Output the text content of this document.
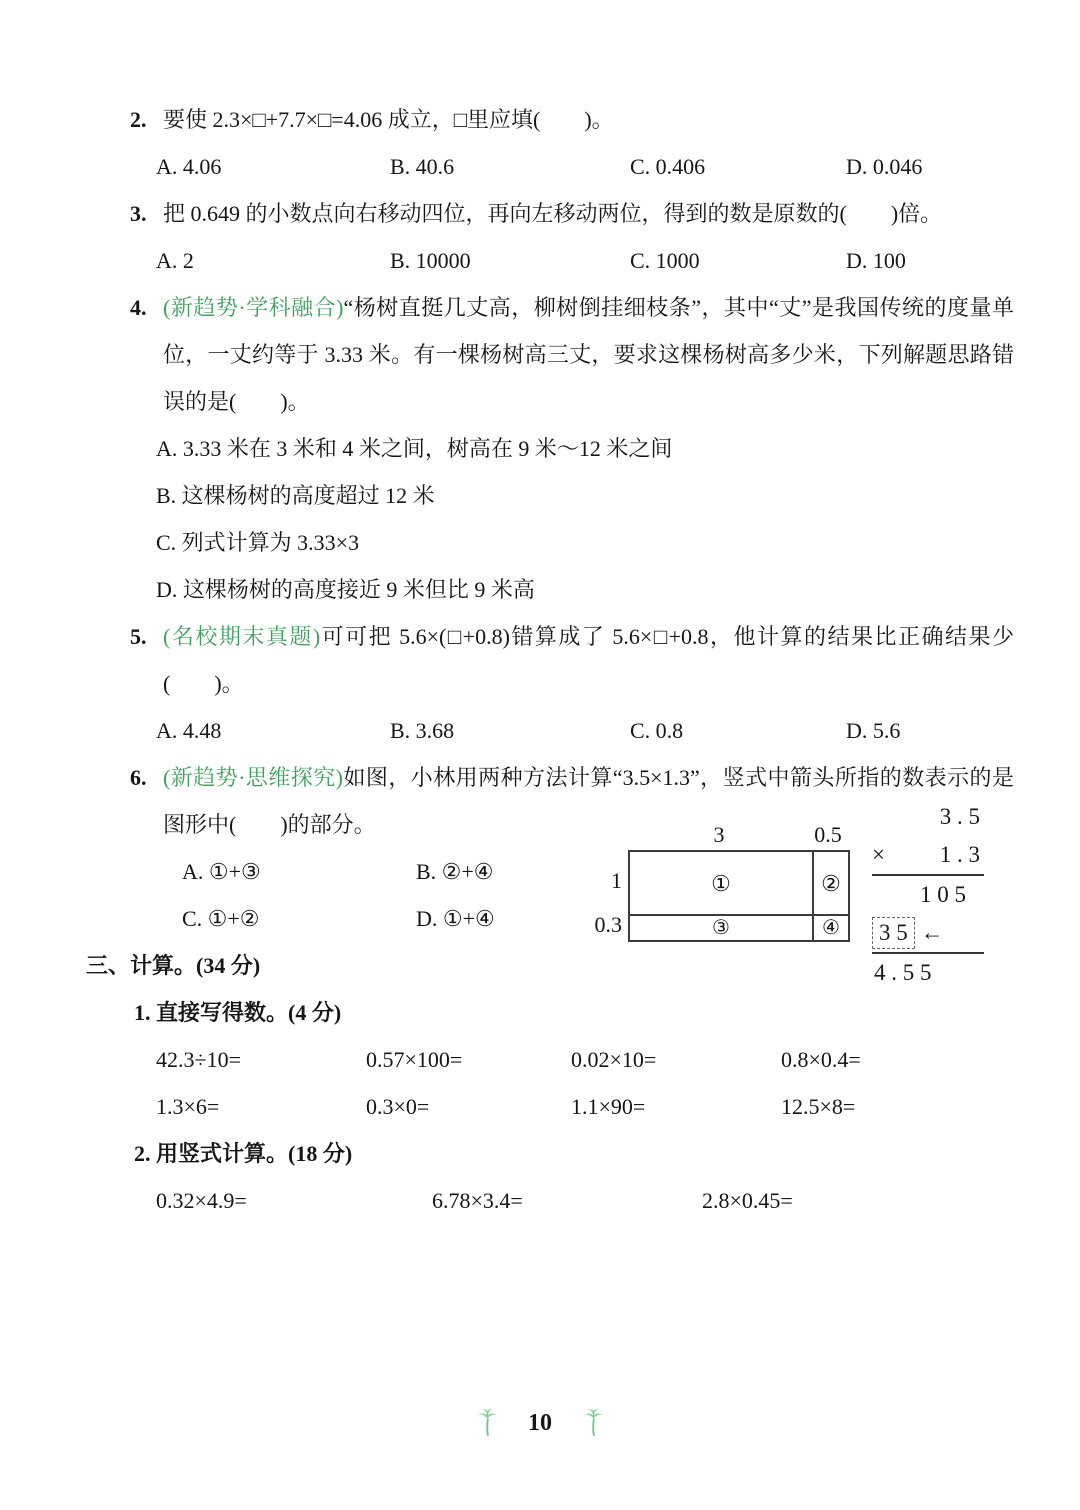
2. 要使 2.3×□+7.7×□=4.06 成立，□里应填(　　)。
A. 4.06	B. 40.6	C. 0.406	D. 0.046
3. 把 0.649 的小数点向右移动四位，再向左移动两位，得到的数是原数的(　　)倍。
A. 2	B. 10000	C. 1000	D. 100
4. (新趋势·学科融合)“杨树直挺几丈高，柳树倒挂细枝条”，其中“丈”是我国传统的度量单位，一丈约等于 3.33 米。有一棵杨树高三丈，要求这棵杨树高多少米，下列解题思路错误的是(　　)。
A. 3.33 米在 3 米和 4 米之间，树高在 9 米～12 米之间
B. 这棵杨树的高度超过 12 米
C. 列式计算为 3.33×3
D. 这棵杨树的高度接近 9 米但比 9 米高
5. (名校期末真题)可可把 5.6×(□+0.8)错算成了 5.6×□+0.8，他计算的结果比正确结果少(　　)。
A. 4.48	B. 3.68	C. 0.8	D. 5.6
6. (新趋势·思维探究)如图，小林用两种方法计算“3.5×1.3”，竖式中箭头所指的数表示的是图形中(　　)的部分。
A. ①+③	B. ②+④
C. ①+②	D. ①+④
3	0.5
1
0.3
①	②
③	④
3 . 5
× 1 . 3
1 0 5
3 5 ←
4 . 5 5
三、计算。(34 分)
1. 直接写得数。(4 分)
42.3÷10=	0.57×100=	0.02×10=	0.8×0.4=
1.3×6=	0.3×0=	1.1×90=	12.5×8=
2. 用竖式计算。(18 分)
0.32×4.9=	6.78×3.4=	2.8×0.45=
10
